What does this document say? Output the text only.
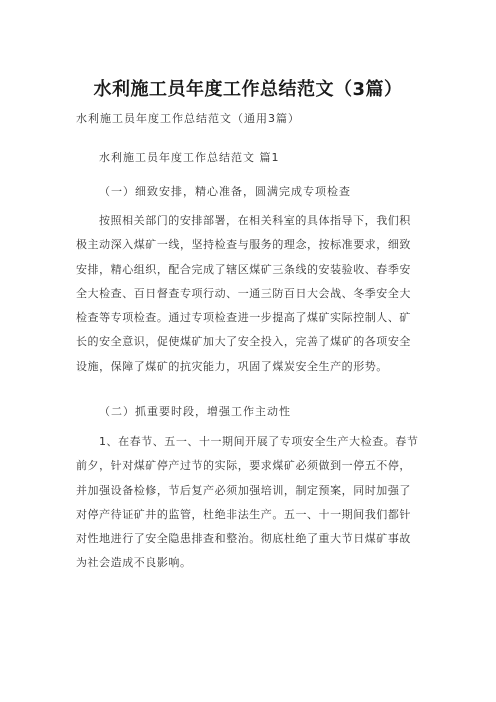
水利施工员年度工作总结范文（3篇）
水利施工员年度工作总结范文（通用3篇）
水利施工员年度工作总结范文 篇1
（一）细致安排，精心准备，圆满完成专项检查
按照相关部门的安排部署，在相关科室的具体指导下，我们积
极主动深入煤矿一线，坚持检查与服务的理念，按标准要求，细致
安排，精心组织，配合完成了辖区煤矿三条线的安装验收、春季安
全大检查、百日督查专项行动、一通三防百日大会战、冬季安全大
检查等专项检查。通过专项检查进一步提高了煤矿实际控制人、矿
长的安全意识，促使煤矿加大了安全投入，完善了煤矿的各项安全
设施，保障了煤矿的抗灾能力，巩固了煤炭安全生产的形势。
（二）抓重要时段，增强工作主动性
1、在春节、五一、十一期间开展了专项安全生产大检查。春节
前夕，针对煤矿停产过节的实际，要求煤矿必须做到一停五不停，
并加强设备检修，节后复产必须加强培训，制定预案，同时加强了
对停产待证矿井的监管，杜绝非法生产。五一、十一期间我们都针
对性地进行了安全隐患排查和整治。彻底杜绝了重大节日煤矿事故
为社会造成不良影响。
